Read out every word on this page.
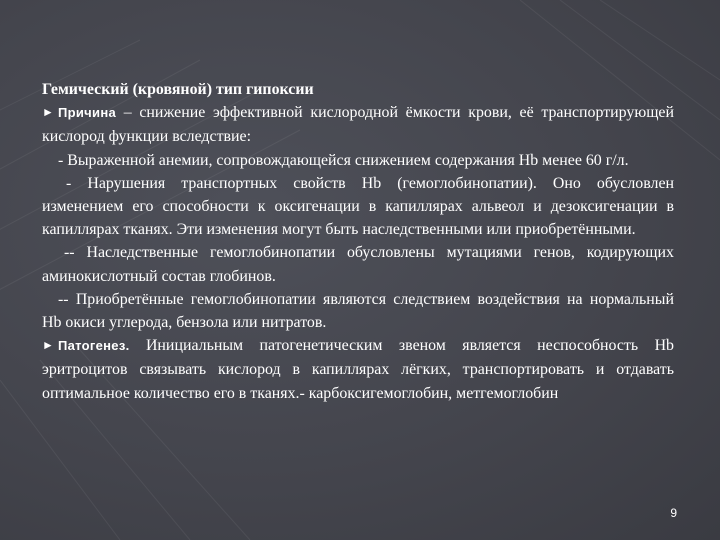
Гемический (кровяной) тип гипоксии

► Причина – снижение эффективной кислородной ёмкости крови, её транспортирующей кислород функции вследствие:

- Выраженной анемии, сопровождающейся снижением содержания Hb менее 60 г/л.

- Нарушения транспортных свойств Hb (гемоглобинопатии). Оно обусловлен изменением его способности к оксигенации в капиллярах альвеол и дезоксигенации в капиллярах тканях. Эти изменения могут быть наследственными или приобретёнными.

-- Наследственные гемоглобинопатии обусловлены мутациями генов, кодирующих аминокислотный состав глобинов.

-- Приобретённые гемоглобинопатии являются следствием воздействия на нормальный Hb окиси углерода, бензола или нитратов.

► Патогенез. Инициальным патогенетическим звеном является неспособность Hb эритроцитов связывать кислород в капиллярах лёгких, транспортировать и отдавать оптимальное количество его в тканях.- карбоксигемоглобин, метгемоглобин

9
